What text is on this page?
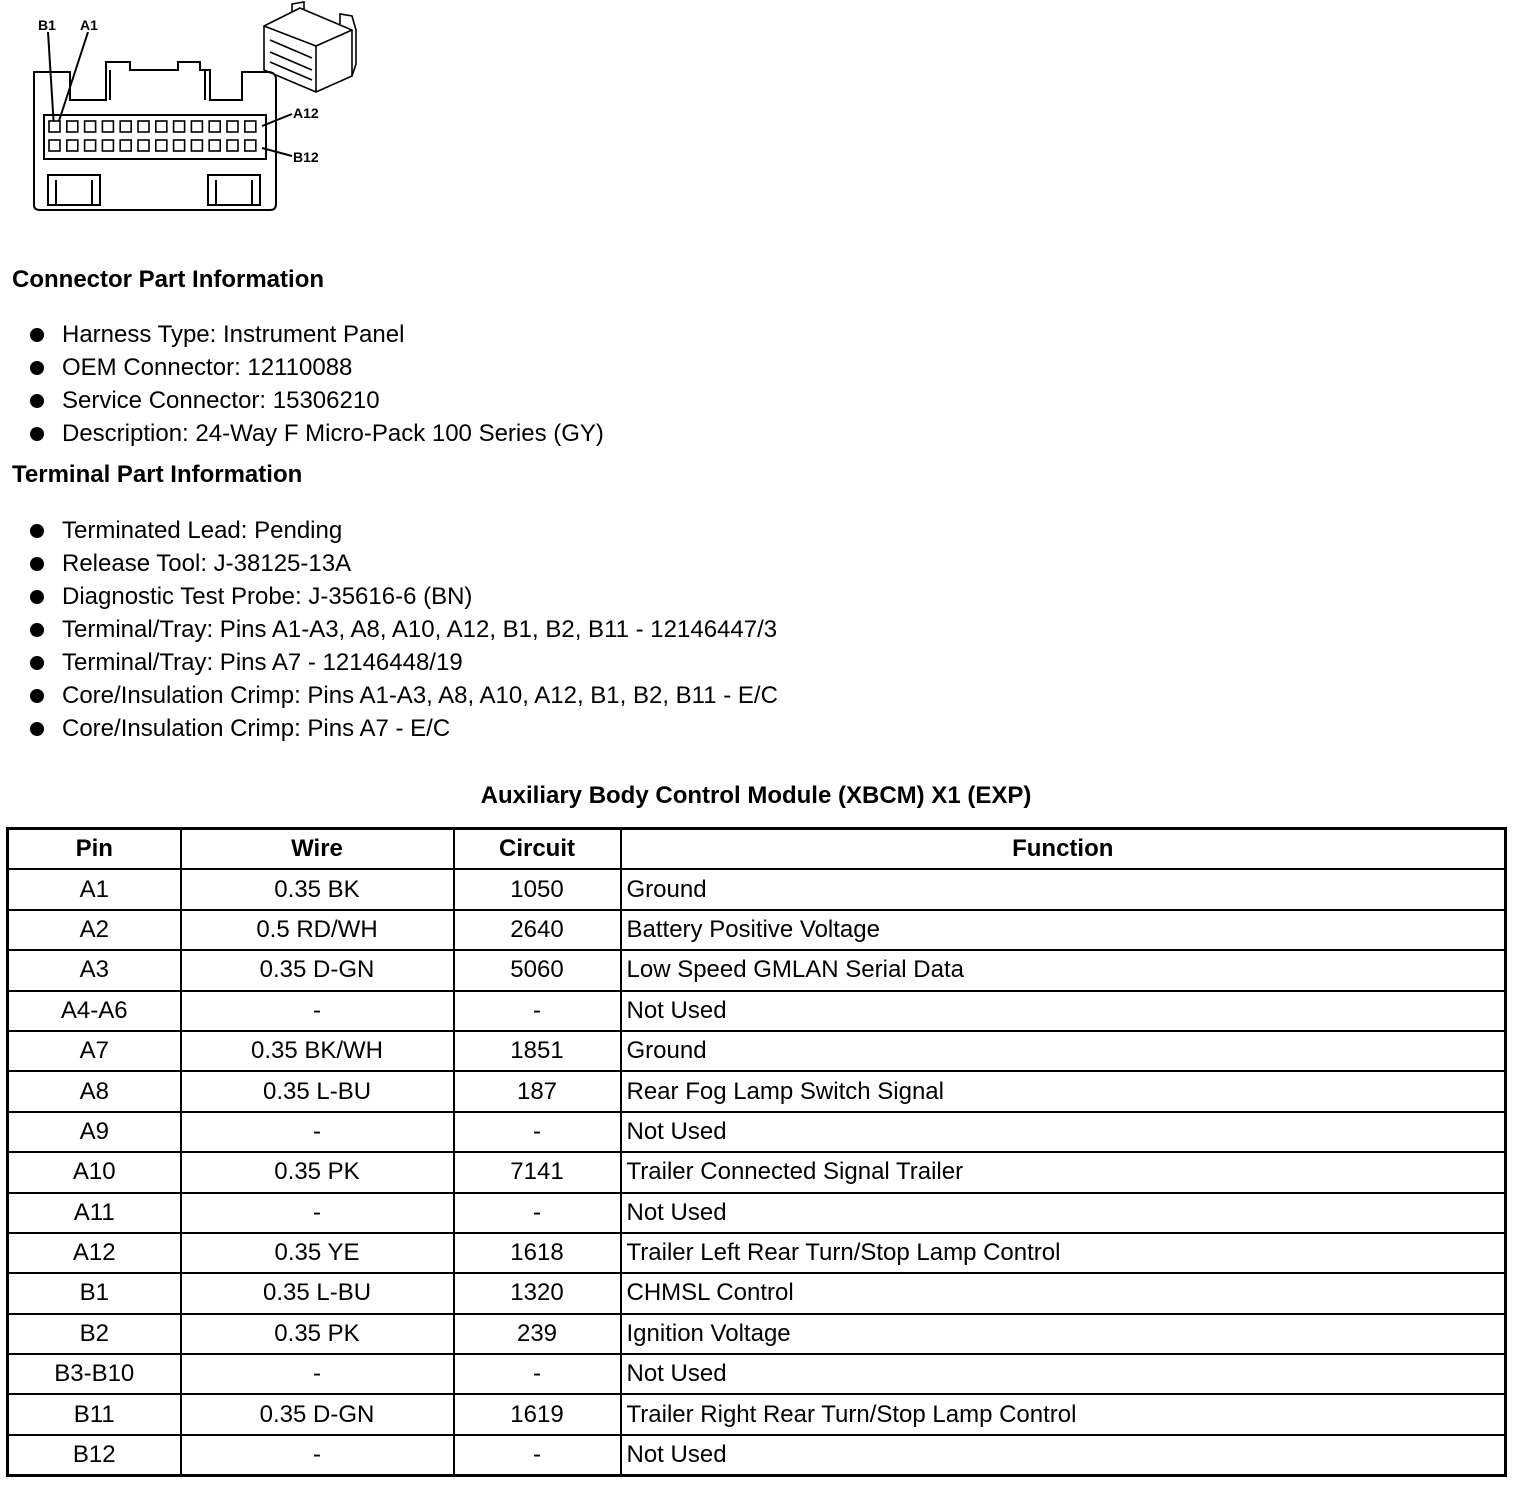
B1 A1
A12
B12
Connector Part Information
Harness Type: Instrument Panel
OEM Connector: 12110088
Service Connector: 15306210
Description: 24-Way F Micro-Pack 100 Series (GY)
Terminal Part Information
Terminated Lead: Pending
Release Tool: J-38125-13A
Diagnostic Test Probe: J-35616-6 (BN)
Terminal/Tray: Pins A1-A3, A8, A10, A12, B1, B2, B11 - 12146447/3
Terminal/Tray: Pins A7 - 12146448/19
Core/Insulation Crimp: Pins A1-A3, A8, A10, A12, B1, B2, B11 - E/C
Core/Insulation Crimp: Pins A7 - E/C
Auxiliary Body Control Module (XBCM) X1 (EXP)
Pin	Wire	Circuit	Function
A1	0.35 BK	1050	Ground
A2	0.5 RD/WH	2640	Battery Positive Voltage
A3	0.35 D-GN	5060	Low Speed GMLAN Serial Data
A4-A6	-	-	Not Used
A7	0.35 BK/WH	1851	Ground
A8	0.35 L-BU	187	Rear Fog Lamp Switch Signal
A9	-	-	Not Used
A10	0.35 PK	7141	Trailer Connected Signal Trailer
A11	-	-	Not Used
A12	0.35 YE	1618	Trailer Left Rear Turn/Stop Lamp Control
B1	0.35 L-BU	1320	CHMSL Control
B2	0.35 PK	239	Ignition Voltage
B3-B10	-	-	Not Used
B11	0.35 D-GN	1619	Trailer Right Rear Turn/Stop Lamp Control
B12	-	-	Not Used
